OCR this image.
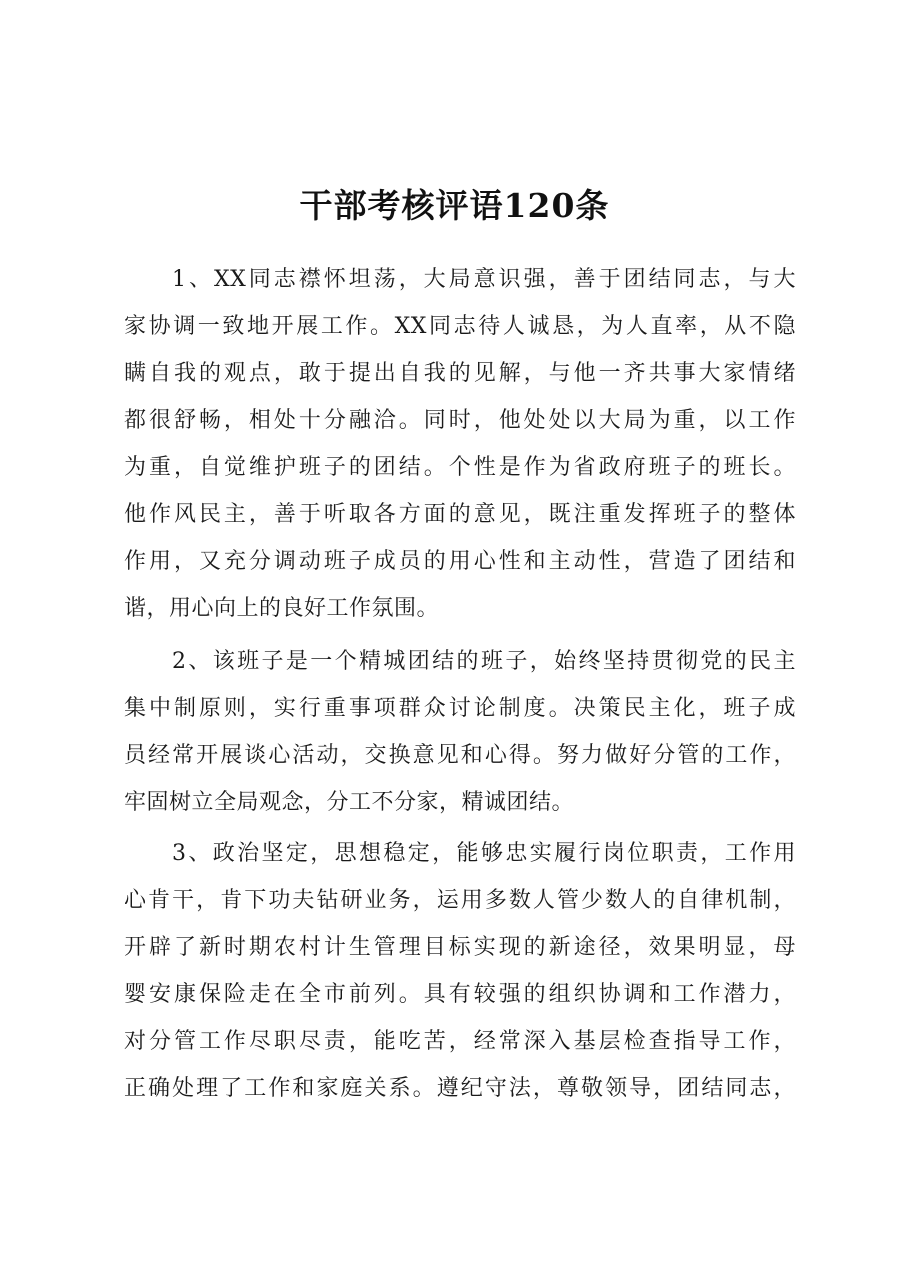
干部考核评语120条
1、XX同志襟怀坦荡，大局意识强，善于团结同志，与大
家协调一致地开展工作。XX同志待人诚恳，为人直率，从不隐
瞒自我的观点，敢于提出自我的见解，与他一齐共事大家情绪
都很舒畅，相处十分融洽。同时，他处处以大局为重，以工作
为重，自觉维护班子的团结。个性是作为省政府班子的班长。
他作风民主，善于听取各方面的意见，既注重发挥班子的整体
作用，又充分调动班子成员的用心性和主动性，营造了团结和
谐，用心向上的良好工作氛围。
2、该班子是一个精城团结的班子，始终坚持贯彻党的民主
集中制原则，实行重事项群众讨论制度。决策民主化，班子成
员经常开展谈心活动，交换意见和心得。努力做好分管的工作，
牢固树立全局观念，分工不分家，精诚团结。
3、政治坚定，思想稳定，能够忠实履行岗位职责，工作用
心肯干，肯下功夫钻研业务，运用多数人管少数人的自律机制，
开辟了新时期农村计生管理目标实现的新途径，效果明显，母
婴安康保险走在全市前列。具有较强的组织协调和工作潜力，
对分管工作尽职尽责，能吃苦，经常深入基层检查指导工作，
正确处理了工作和家庭关系。遵纪守法，尊敬领导，团结同志，
